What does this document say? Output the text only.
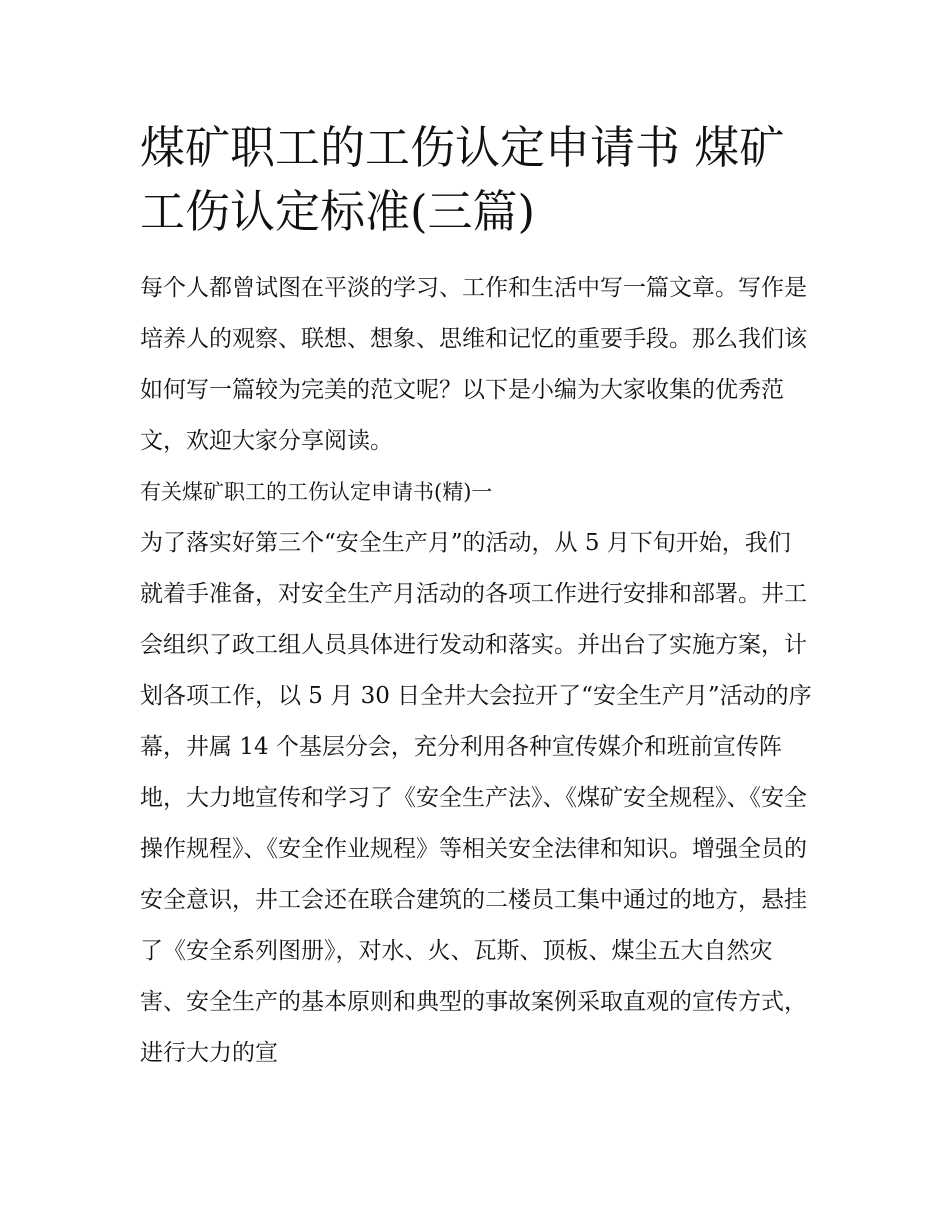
煤矿职工的工伤认定申请书 煤矿工伤认定标准(三篇)

每个人都曾试图在平淡的学习、工作和生活中写一篇文章。写作是培养人的观察、联想、想象、思维和记忆的重要手段。那么我们该如何写一篇较为完美的范文呢？以下是小编为大家收集的优秀范文，欢迎大家分享阅读。

有关煤矿职工的工伤认定申请书(精)一

为了落实好第三个“安全生产月”的活动，从 5 月下旬开始，我们就着手准备，对安全生产月活动的各项工作进行安排和部署。井工会组织了政工组人员具体进行发动和落实。并出台了实施方案，计划各项工作，以 5 月 30 日全井大会拉开了“安全生产月”活动的序幕，井属 14 个基层分会，充分利用各种宣传媒介和班前宣传阵地，大力地宣传和学习了《安全生产法》、《煤矿安全规程》、《安全操作规程》、《安全作业规程》等相关安全法律和知识。增强全员的安全意识，井工会还在联合建筑的二楼员工集中通过的地方，悬挂了《安全系列图册》，对水、火、瓦斯、顶板、煤尘五大自然灾害、安全生产的基本原则和典型的事故案例采取直观的宣传方式，进行大力的宣
